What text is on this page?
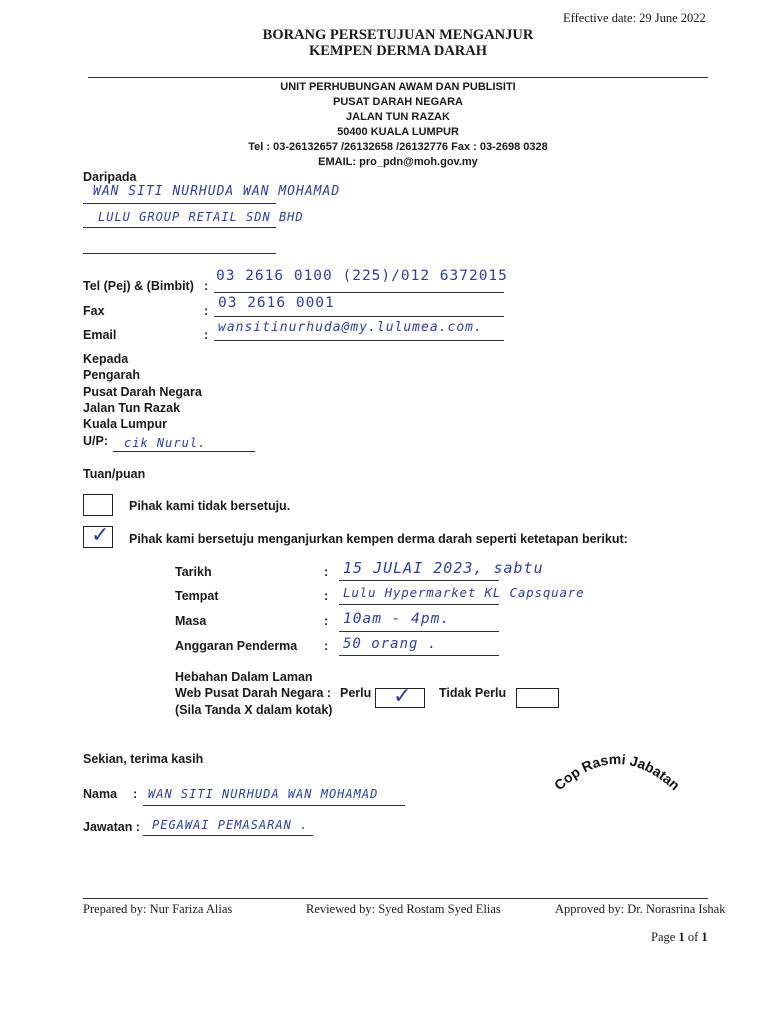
Effective date: 29 June 2022
BORANG PERSETUJUAN MENGANJUR
KEMPEN DERMA DARAH
UNIT PERHUBUNGAN AWAM DAN PUBLISITI
PUSAT DARAH NEGARA
JALAN TUN RAZAK
50400 KUALA LUMPUR
Tel : 03-26132657 /26132658 /26132776 Fax : 03-2698 0328
EMAIL: pro_pdn@moh.gov.my
Daripada
WAN SITI NURHUDA WAN MOHAMAD
LULU GROUP RETAIL SDN BHD
Tel (Pej) & (Bimbit) :
03 2616 0100 (225)/012 6372015
Fax	: 03 2616 0001
Email	: wansitinurhuda@my.lulumea.com.
Kepada
Pengarah
Pusat Darah Negara
Jalan Tun Razak
Kuala Lumpur
U/P: cik Nurul.
Tuan/puan
Pihak kami tidak bersetuju.
✓ Pihak kami bersetuju menganjurkan kempen derma darah seperti ketetapan berikut:
Tarikh	: 15 JULAI 2023, sabtu
Tempat	: Lulu Hypermarket KL Capsquare
Masa	: 10am - 4pm.
Anggaran Penderma : 50 orang .
Hebahan Dalam Laman
Web Pusat Darah Negara :
(Sila Tanda X dalam kotak)
Perlu ✓ Tidak Perlu
Sekian, terima kasih
Cop Rasmi Jabatan
Nama : WAN SITI NURHUDA WAN MOHAMAD
Jawatan : PEGAWAI PEMASARAN .
Prepared by: Nur Fariza Alias	Reviewed by: Syed Rostam Syed Elias	Approved by: Dr. Norasrina Ishak
Page 1 of 1
